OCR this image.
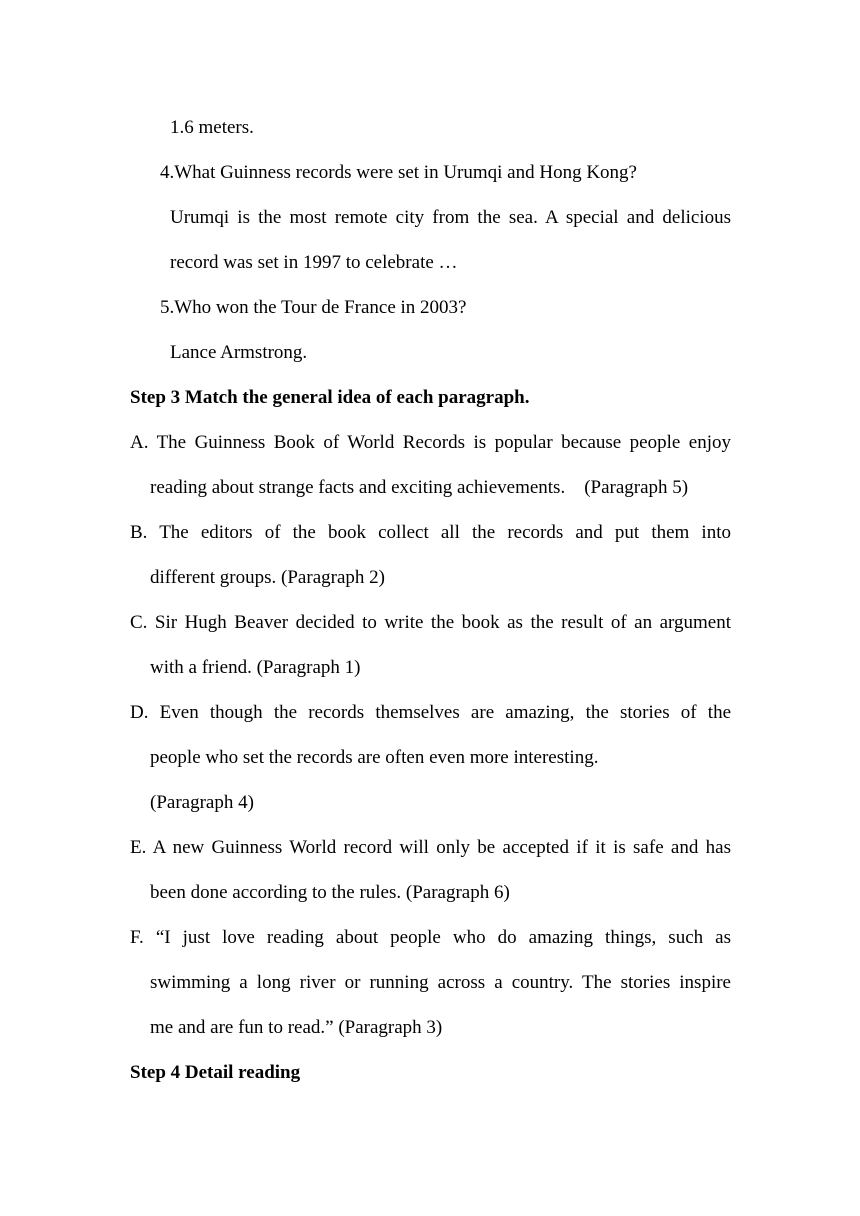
1.6 meters.
4.What Guinness records were set in Urumqi and Hong Kong?
Urumqi is the most remote city from the sea. A special and delicious
record was set in 1997 to celebrate …
5.Who won the Tour de France in 2003?
Lance Armstrong.
Step 3 Match the general idea of each paragraph.
A. The Guinness Book of World Records is popular because people enjoy
reading about strange facts and exciting achievements.    (Paragraph 5)
B. The editors of the book collect all the records and put them into
different groups. (Paragraph 2)
C. Sir Hugh Beaver decided to write the book as the result of an argument
with a friend. (Paragraph 1)
D. Even though the records themselves are amazing, the stories of the
people who set the records are often even more interesting.
(Paragraph 4)
E. A new Guinness World record will only be accepted if it is safe and has
been done according to the rules. (Paragraph 6)
F. “I just love reading about people who do amazing things, such as
swimming a long river or running across a country. The stories inspire
me and are fun to read.” (Paragraph 3)
Step 4 Detail reading
